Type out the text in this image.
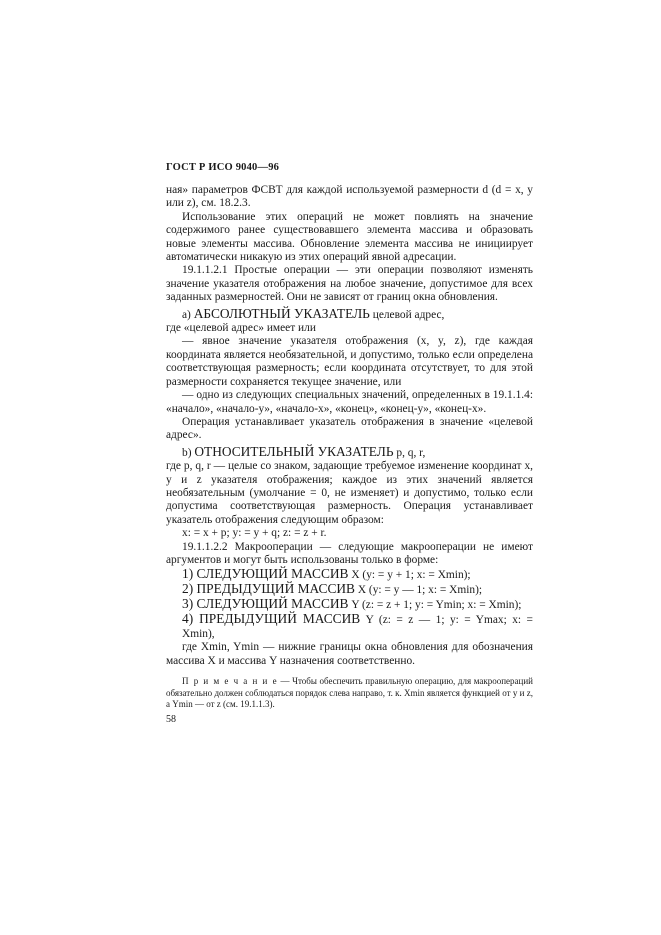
ГОСТ Р ИСО 9040—96

ная» параметров ФСВТ для каждой используемой размерности d (d = x, y или z), см. 18.2.3.

Использование этих операций не может повлиять на значение содержимого ранее существовавшего элемента массива и образовать новые элементы массива. Обновление элемента массива не инициирует автоматически никакую из этих операций явной адресации.

19.1.1.2.1 Простые операции — эти операции позволяют изменять значение указателя отображения на любое значение, допустимое для всех заданных размерностей. Они не зависят от границ окна обновления.

a) АБСОЛЮТНЫЙ УКАЗАТЕЛЬ целевой адрес,

где «целевой адрес» имеет или

— явное значение указателя отображения (x, y, z), где каждая координата является необязательной, и допустимо, только если определена соответствующая размерность; если координата отсутствует, то для этой размерности сохраняется текущее значение, или

— одно из следующих специальных значений, определенных в 19.1.1.4: «начало», «начало-y», «начало-x», «конец», «конец-y», «конец-x».

Операция устанавливает указатель отображения в значение «целевой адрес».

b) ОТНОСИТЕЛЬНЫЙ УКАЗАТЕЛЬ p, q, r,

где p, q, r — целые со знаком, задающие требуемое изменение координат x, y и z указателя отображения; каждое из этих значений является необязательным (умолчание = 0, не изменяет) и допустимо, только если допустима соответствующая размерность. Операция устанавливает указатель отображения следующим образом:

x: = x + p; y: = y + q; z: = z + r.

19.1.1.2.2 Макрооперации — следующие макрооперации не имеют аргументов и могут быть использованы только в форме:

1) СЛЕДУЮЩИЙ МАССИВ X (y: = y + 1; x: = Xmin);

2) ПРЕДЫДУЩИЙ МАССИВ X (y: = y — 1; x: = Xmin);

3) СЛЕДУЮЩИЙ МАССИВ Y (z: = z + 1; y: = Ymin; x: = Xmin);

4) ПРЕДЫДУЩИЙ МАССИВ Y (z: = z — 1; y: = Ymax; x: = Xmin),

где Xmin, Ymin — нижние границы окна обновления для обозначения массива X и массива Y назначения соответственно.

П р и м е ч а н и е — Чтобы обеспечить правильную операцию, для макроопераций обязательно должен соблюдаться порядок слева направо, т. к. Xmin является функцией от y и z, а Ymin — от z (см. 19.1.1.3).

58
